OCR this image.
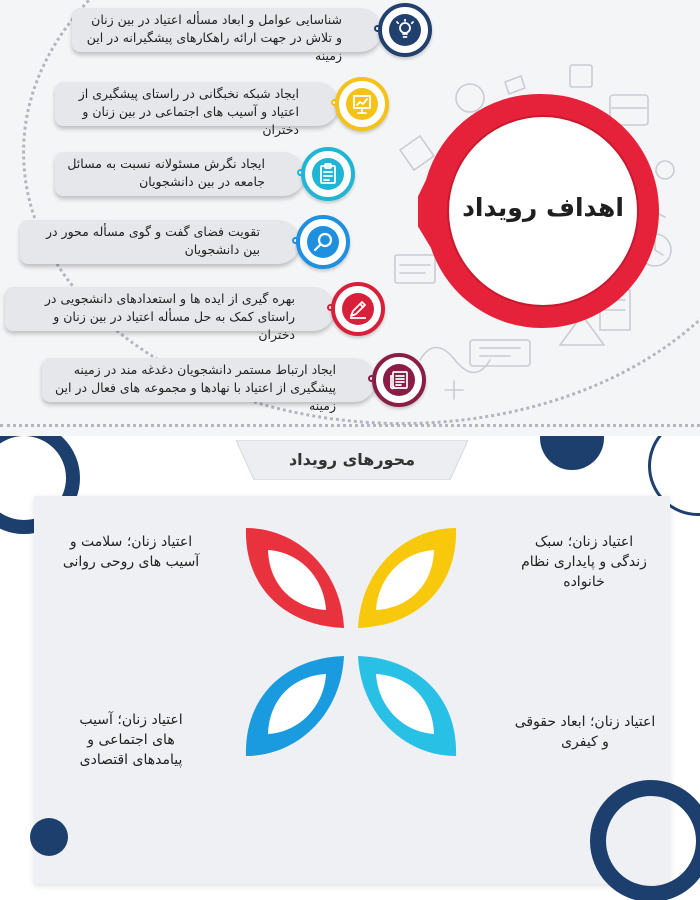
اهداف رویداد
شناسایی عوامل و ابعاد مسأله اعتیاد در بین زنان و تلاش در جهت ارائه راهکارهای پیشگیرانه در این زمینه
ایجاد شبکه نخبگانی در راستای پیشگیری از اعتیاد و آسیب های اجتماعی در بین زنان و دختران
ایجاد نگرش مسئولانه نسبت به مسائل جامعه در بین دانشجویان
تقویت فضای گفت و گوی مسأله محور در بین دانشجویان
بهره گیری از ایده ها و استعدادهای دانشجویی در راستای کمک به حل مسأله اعتیاد در بین زنان و دختران
ایجاد ارتباط مستمر دانشجویان دغدغه مند در زمینه پیشگیری از اعتیاد با نهادها و مجموعه های فعال در این زمینه
محورهای رویداد
اعتیاد زنان؛ سلامت و آسیب های روحی روانی
اعتیاد زنان؛ سبک زندگی و پایداری نظام خانواده
اعتیاد زنان؛ آسیب های اجتماعی و پیامدهای اقتصادی
اعتیاد زنان؛ ابعاد حقوقی و کیفری
